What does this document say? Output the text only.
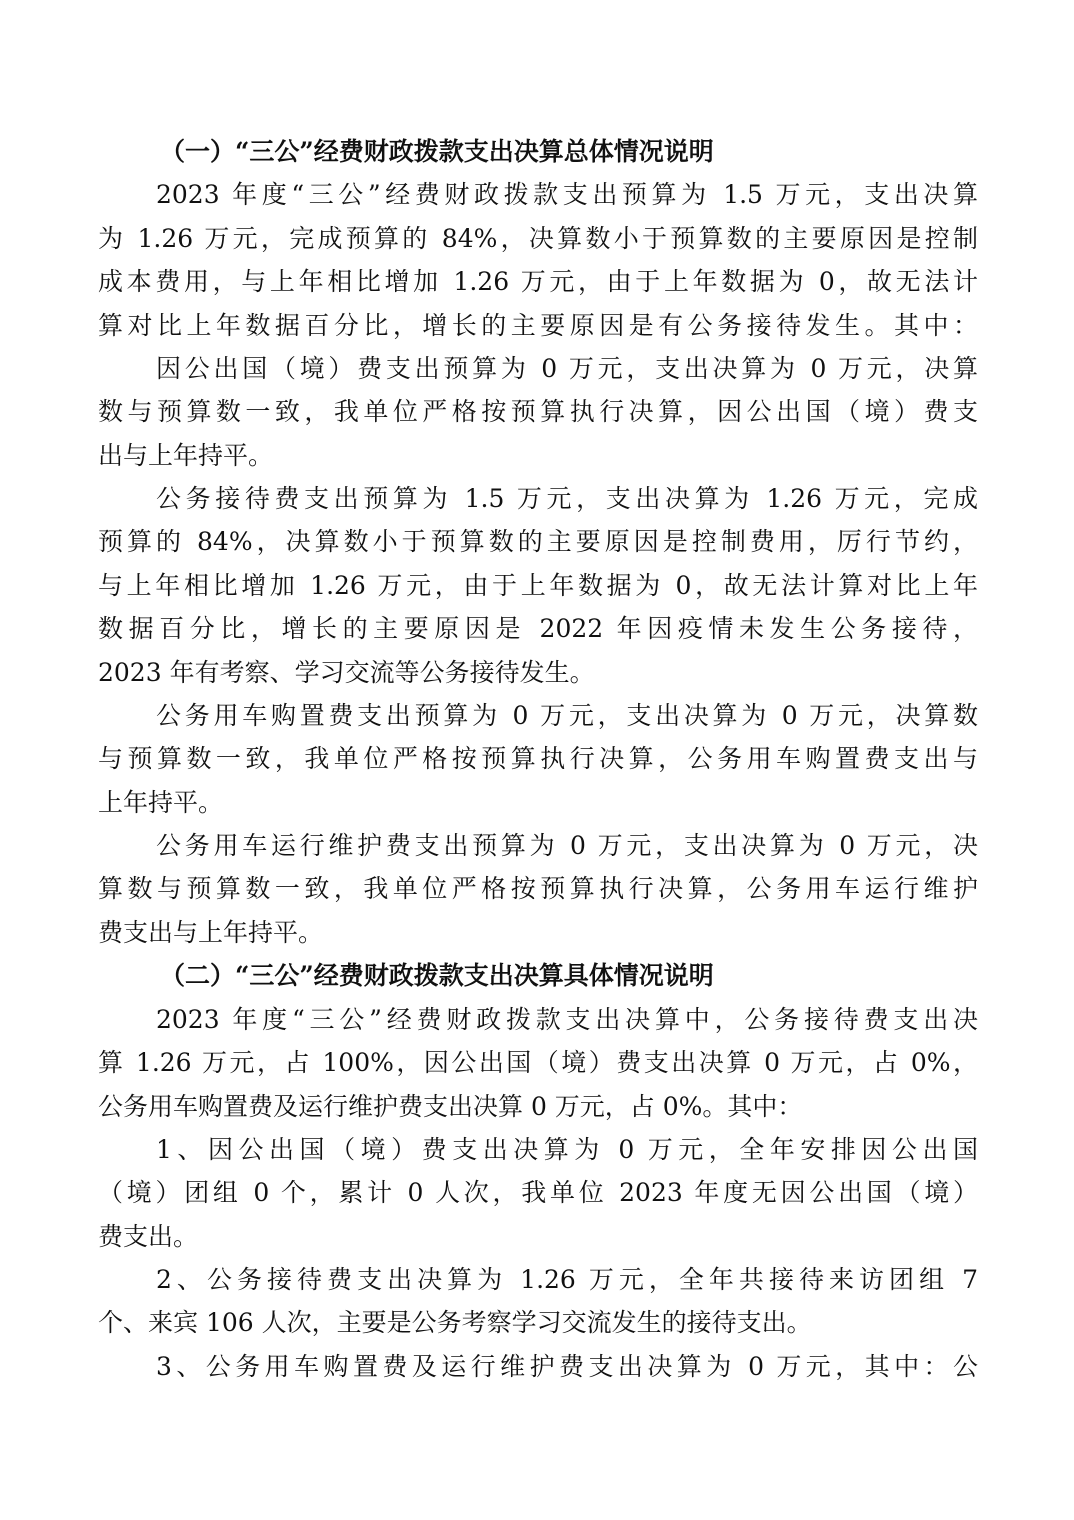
（一）“三公”经费财政拨款支出决算总体情况说明
2023 年度“三公”经费财政拨款支出预算为 1.5 万元，支出决算
为 1.26 万元，完成预算的 84%，决算数小于预算数的主要原因是控制
成本费用，与上年相比增加 1.26 万元，由于上年数据为 0，故无法计
算对比上年数据百分比，增长的主要原因是有公务接待发生。其中：
因公出国（境）费支出预算为 0 万元，支出决算为 0 万元，决算
数与预算数一致，我单位严格按预算执行决算，因公出国（境）费支
出与上年持平。
公务接待费支出预算为 1.5 万元，支出决算为 1.26 万元，完成
预算的 84%，决算数小于预算数的主要原因是控制费用，厉行节约，
与上年相比增加 1.26 万元，由于上年数据为 0，故无法计算对比上年
数据百分比，增长的主要原因是 2022 年因疫情未发生公务接待，
2023 年有考察、学习交流等公务接待发生。
公务用车购置费支出预算为 0 万元，支出决算为 0 万元，决算数
与预算数一致，我单位严格按预算执行决算，公务用车购置费支出与
上年持平。
公务用车运行维护费支出预算为 0 万元，支出决算为 0 万元，决
算数与预算数一致，我单位严格按预算执行决算，公务用车运行维护
费支出与上年持平。
（二）“三公”经费财政拨款支出决算具体情况说明
2023 年度“三公”经费财政拨款支出决算中，公务接待费支出决
算 1.26 万元，占 100%，因公出国（境）费支出决算 0 万元，占 0%，
公务用车购置费及运行维护费支出决算 0 万元，占 0%。其中：
1、因公出国（境）费支出决算为 0 万元，全年安排因公出国
（境）团组 0 个，累计 0 人次，我单位 2023 年度无因公出国（境）
费支出。
2、公务接待费支出决算为 1.26 万元，全年共接待来访团组 7
个、来宾 106 人次，主要是公务考察学习交流发生的接待支出。
3、公务用车购置费及运行维护费支出决算为 0 万元，其中：公
